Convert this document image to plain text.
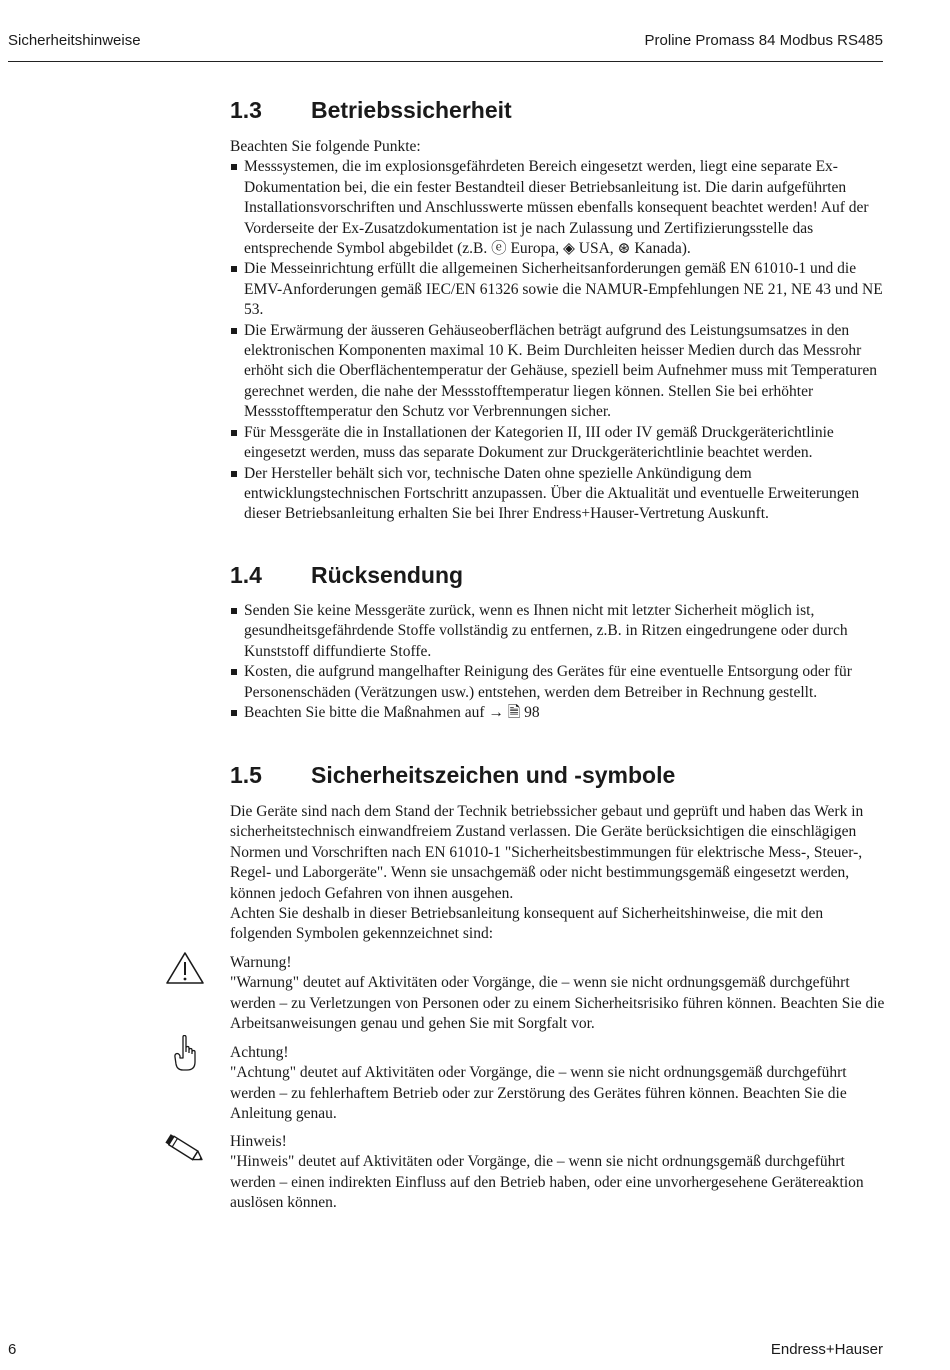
Sicherheitshinweise	Proline Promass 84 Modbus RS485
1.3 Betriebssicherheit

Beachten Sie folgende Punkte:

Messsystemen, die im explosionsgefährdeten Bereich eingesetzt werden, liegt eine separate Ex-Dokumentation bei, die ein fester Bestandteil dieser Betriebsanleitung ist. Die darin aufgeführten Installationsvorschriften und Anschlusswerte müssen ebenfalls konsequent beachtet werden! Auf der Vorderseite der Ex-Zusatzdokumentation ist je nach Zulassung und Zertifizierungsstelle das entsprechende Symbol abgebildet (z.B. ⓔ Europa, ◈ USA, ⊛ Kanada).
Die Messeinrichtung erfüllt die allgemeinen Sicherheitsanforderungen gemäß EN 61010-1 und die EMV-Anforderungen gemäß IEC/EN 61326 sowie die NAMUR-Empfehlungen NE 21, NE 43 und NE 53.
Die Erwärmung der äusseren Gehäuseoberflächen beträgt aufgrund des Leistungsumsatzes in den elektronischen Komponenten maximal 10 K. Beim Durchleiten heisser Medien durch das Messrohr erhöht sich die Oberflächentemperatur der Gehäuse, speziell beim Aufnehmer muss mit Temperaturen gerechnet werden, die nahe der Messstofftemperatur liegen können. Stellen Sie bei erhöhter Messstofftemperatur den Schutz vor Verbrennungen sicher.
Für Messgeräte die in Installationen der Kategorien II, III oder IV gemäß Druckgeräterichtlinie eingesetzt werden, muss das separate Dokument zur Druckgeräterichtlinie beachtet werden.
Der Hersteller behält sich vor, technische Daten ohne spezielle Ankündigung dem entwicklungstechnischen Fortschritt anzupassen. Über die Aktualität und eventuelle Erweiterungen dieser Betriebsanleitung erhalten Sie bei Ihrer Endress+Hauser-Vertretung Auskunft.
1.4 Rücksendung
Senden Sie keine Messgeräte zurück, wenn es Ihnen nicht mit letzter Sicherheit möglich ist, gesundheitsgefährdende Stoffe vollständig zu entfernen, z.B. in Ritzen eingedrungene oder durch Kunststoff diffundierte Stoffe.
Kosten, die aufgrund mangelhafter Reinigung des Gerätes für eine eventuelle Entsorgung oder für Personenschäden (Verätzungen usw.) entstehen, werden dem Betreiber in Rechnung gestellt.
Beachten Sie bitte die Maßnahmen auf → 🗎 98
1.5 Sicherheitszeichen und -symbole

Die Geräte sind nach dem Stand der Technik betriebssicher gebaut und geprüft und haben das Werk in sicherheitstechnisch einwandfreiem Zustand verlassen. Die Geräte berücksichtigen die einschlägigen Normen und Vorschriften nach EN 61010-1 "Sicherheitsbestimmungen für elektrische Mess-, Steuer-, Regel- und Laborgeräte". Wenn sie unsachgemäß oder nicht bestimmungsgemäß eingesetzt werden, können jedoch Gefahren von ihnen ausgehen.

Achten Sie deshalb in dieser Betriebsanleitung konsequent auf Sicherheitshinweise, die mit den folgenden Symbolen gekennzeichnet sind:

Warnung!

"Warnung" deutet auf Aktivitäten oder Vorgänge, die – wenn sie nicht ordnungsgemäß durchgeführt werden – zu Verletzungen von Personen oder zu einem Sicherheitsrisiko führen können. Beachten Sie die Arbeitsanweisungen genau und gehen Sie mit Sorgfalt vor.

Achtung!

"Achtung" deutet auf Aktivitäten oder Vorgänge, die – wenn sie nicht ordnungsgemäß durchgeführt werden – zu fehlerhaftem Betrieb oder zur Zerstörung des Gerätes führen können. Beachten Sie die Anleitung genau.

Hinweis!

"Hinweis" deutet auf Aktivitäten oder Vorgänge, die – wenn sie nicht ordnungsgemäß durchgeführt werden – einen indirekten Einfluss auf den Betrieb haben, oder eine unvorhergesehene Gerätereaktion auslösen können.

6	Endress+Hauser
